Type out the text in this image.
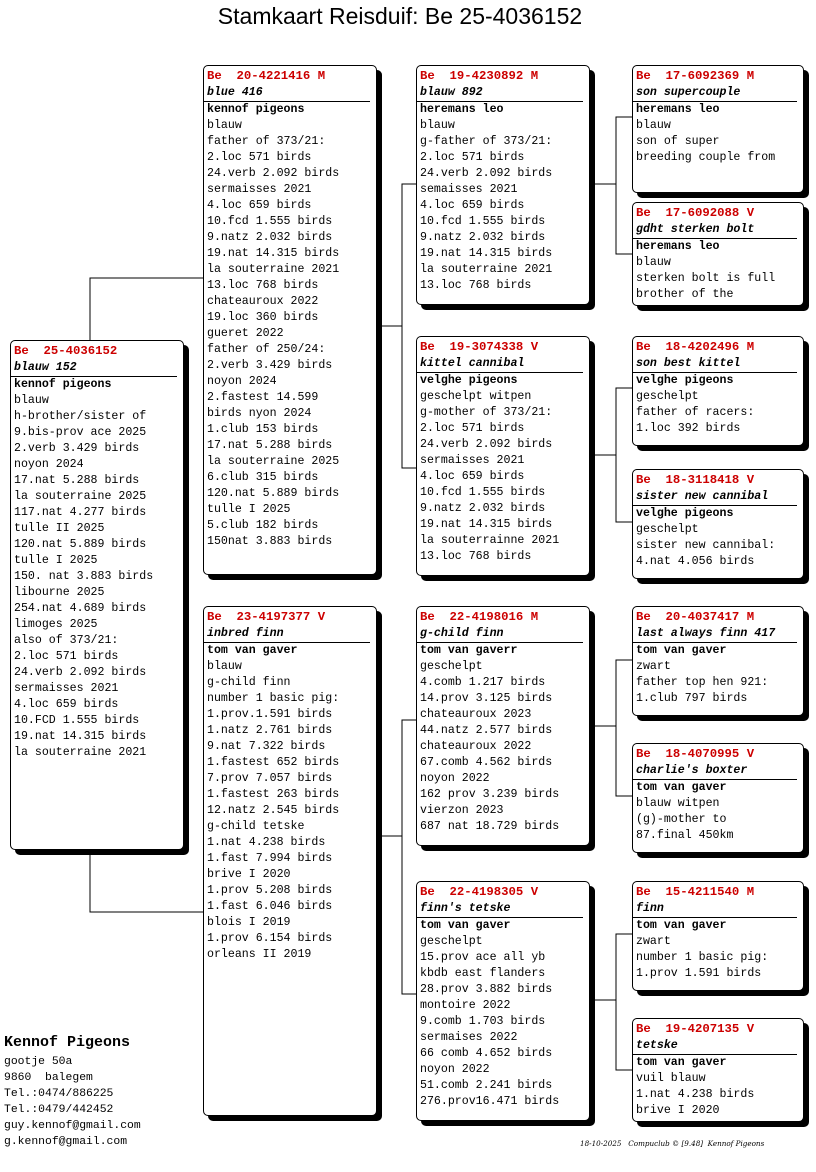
Stamkaart Reisduif: Be 25-4036152
Be  25-4036152
blauw 152
kennof pigeons
blauw
h-brother/sister of
9.bis-prov ace 2025
2.verb 3.429 birds
noyon 2024
17.nat 5.288 birds
la souterraine 2025
117.nat 4.277 birds
tulle II 2025
120.nat 5.889 birds
tulle I 2025
150. nat 3.883 birds
libourne 2025
254.nat 4.689 birds
limoges 2025
also of 373/21:
2.loc 571 birds
24.verb 2.092 birds
sermaisses 2021
4.loc 659 birds
10.FCD 1.555 birds
19.nat 14.315 birds
la souterraine 2021
Be  20-4221416 M
blue 416
kennof pigeons
blauw
father of 373/21:
2.loc 571 birds
24.verb 2.092 birds
sermaisses 2021
4.loc 659 birds
10.fcd 1.555 birds
9.natz 2.032 birds
19.nat 14.315 birds
la souterraine 2021
13.loc 768 birds
chateauroux 2022
19.loc 360 birds
gueret 2022
father of 250/24:
2.verb 3.429 birds
noyon 2024
2.fastest 14.599
birds nyon 2024
1.club 153 birds
17.nat 5.288 birds
la souterraine 2025
6.club 315 birds
120.nat 5.889 birds
tulle I 2025
5.club 182 birds
150nat 3.883 birds
Be  23-4197377 V
inbred finn
tom van gaver
blauw
g-child finn
number 1 basic pig:
1.prov.1.591 birds
1.natz 2.761 birds
9.nat 7.322 birds
1.fastest 652 birds
7.prov 7.057 birds
1.fastest 263 birds
12.natz 2.545 birds
g-child tetske
1.nat 4.238 birds
1.fast 7.994 birds
brive I 2020
1.prov 5.208 birds
1.fast 6.046 birds
blois I 2019
1.prov 6.154 birds
orleans II 2019
Be  19-4230892 M
blauw 892
heremans leo
blauw
g-father of 373/21:
2.loc 571 birds
24.verb 2.092 birds
semaisses 2021
4.loc 659 birds
10.fcd 1.555 birds
9.natz 2.032 birds
19.nat 14.315 birds
la souterraine 2021
13.loc 768 birds
Be  19-3074338 V
kittel cannibal
velghe pigeons
geschelpt witpen
g-mother of 373/21:
2.loc 571 birds
24.verb 2.092 birds
sermaisses 2021
4.loc 659 birds
10.fcd 1.555 birds
9.natz 2.032 birds
19.nat 14.315 birds
la souterrainne 2021
13.loc 768 birds
Be  22-4198016 M
g-child finn
tom van gaverr
geschelpt
4.comb 1.217 birds
14.prov 3.125 birds
chateauroux 2023
44.natz 2.577 birds
chateauroux 2022
67.comb 4.562 birds
noyon 2022
162 prov 3.239 birds
vierzon 2023
687 nat 18.729 birds
Be  22-4198305 V
finn's tetske
tom van gaver
geschelpt
15.prov ace all yb
kbdb east flanders
28.prov 3.882 birds
montoire 2022
9.comb 1.703 birds
sermaises 2022
66 comb 4.652 birds
noyon 2022
51.comb 2.241 birds
276.prov16.471 birds
Be  17-6092369 M
son supercouple
heremans leo
blauw
son of super
breeding couple from
Be  17-6092088 V
gdht sterken bolt
heremans leo
blauw
sterken bolt is full
brother of the
Be  18-4202496 M
son best kittel
velghe pigeons
geschelpt
father of racers:
1.loc 392 birds
Be  18-3118418 V
sister new cannibal
velghe pigeons
geschelpt
sister new cannibal:
4.nat 4.056 birds
Be  20-4037417 M
last always finn 417
tom van gaver
zwart
father top hen 921:
1.club 797 birds
Be  18-4070995 V
charlie's boxter
tom van gaver
blauw witpen
(g)-mother to
87.final 450km
Be  15-4211540 M
finn
tom van gaver
zwart
number 1 basic pig:
1.prov 1.591 birds
Be  19-4207135 V
tetske
tom van gaver
vuil blauw
1.nat 4.238 birds
brive I 2020
Kennof Pigeons
gootje 50a
9860  balegem
Tel.:0474/886225
Tel.:0479/442452
guy.kennof@gmail.com
g.kennof@gmail.com	18-10-2025   Compuclub © [9.48]  Kennof Pigeons
